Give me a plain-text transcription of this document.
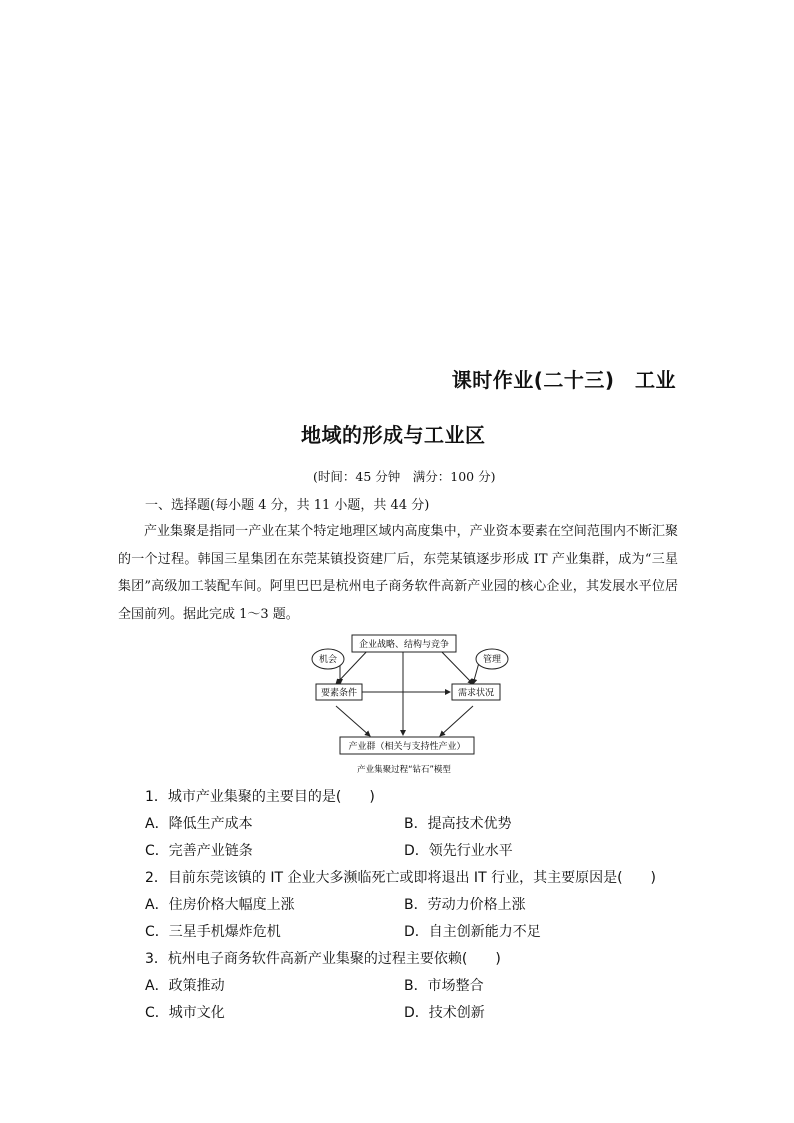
课时作业(二十三)　工业
地域的形成与工业区
(时间：45 分钟　满分：100 分)
一、选择题(每小题 4 分，共 11 小题，共 44 分)
产业集聚是指同一产业在某个特定地理区域内高度集中，产业资本要素在空间范围内不断汇聚的一个过程。韩国三星集团在东莞某镇投资建厂后，东莞某镇逐步形成 IT 产业集群，成为“三星集团”高级加工装配车间。阿里巴巴是杭州电子商务软件高新产业园的核心企业，其发展水平位居全国前列。据此完成 1～3 题。
企业战略、结构与竞争
机会	管理
要素条件	需求状况
产业群（相关与支持性产业）
产业集聚过程“钻石”模型
1．城市产业集聚的主要目的是(　　)
A．降低生产成本	B．提高技术优势
C．完善产业链条	D．领先行业水平
2．目前东莞该镇的 IT 企业大多濒临死亡或即将退出 IT 行业，其主要原因是(　　)
A．住房价格大幅度上涨	B．劳动力价格上涨
C．三星手机爆炸危机	D．自主创新能力不足
3．杭州电子商务软件高新产业集聚的过程主要依赖(　　)
A．政策推动	B．市场整合
C．城市文化	D．技术创新
